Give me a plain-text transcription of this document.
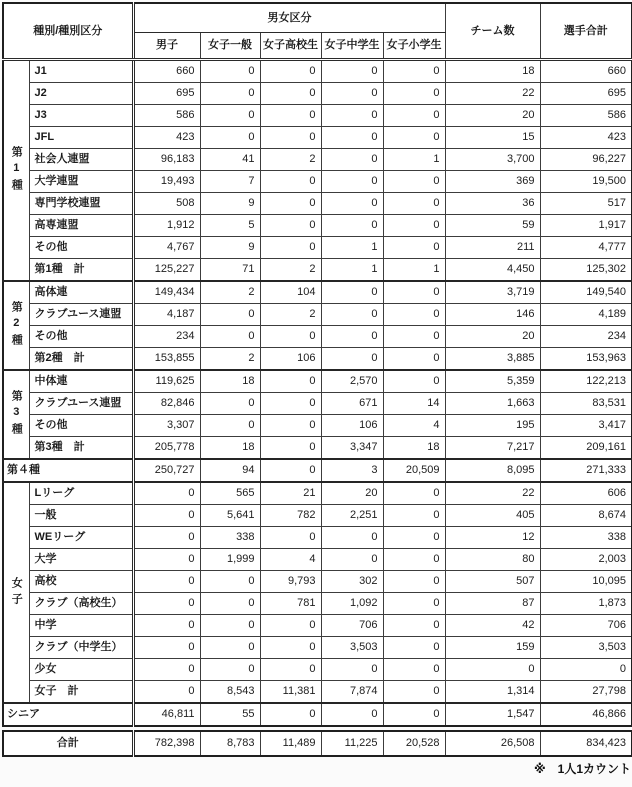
種別/種別区分		男女区分					チーム数	選手合計
		男子	女子一般	女子高校生	女子中学生	女子小学生		
第1種	J1	660	0	0	0	0	18	660
	J2	695	0	0	0	0	22	695
	J3	586	0	0	0	0	20	586
	JFL	423	0	0	0	0	15	423
	社会人連盟	96,183	41	2	0	1	3,700	96,227
	大学連盟	19,493	7	0	0	0	369	19,500
	専門学校連盟	508	9	0	0	0	36	517
	高専連盟	1,912	5	0	0	0	59	1,917
	その他	4,767	9	0	1	0	211	4,777
	第1種　計	125,227	71	2	1	1	4,450	125,302
第2種	高体連	149,434	2	104	0	0	3,719	149,540
	クラブユース連盟	4,187	0	2	0	0	146	4,189
	その他	234	0	0	0	0	20	234
	第2種　計	153,855	2	106	0	0	3,885	153,963
第3種	中体連	119,625	18	0	2,570	0	5,359	122,213
	クラブユース連盟	82,846	0	0	671	14	1,663	83,531
	その他	3,307	0	0	106	4	195	3,417
	第3種　計	205,778	18	0	3,347	18	7,217	209,161
第４種		250,727	94	0	3	20,509	8,095	271,333
女子	Lリーグ	0	565	21	20	0	22	606
	一般	0	5,641	782	2,251	0	405	8,674
	WEリーグ	0	338	0	0	0	12	338
	大学	0	1,999	4	0	0	80	2,003
	高校	0	0	9,793	302	0	507	10,095
	クラブ（高校生）	0	0	781	1,092	0	87	1,873
	中学	0	0	0	706	0	42	706
	クラブ（中学生）	0	0	0	3,503	0	159	3,503
	少女	0	0	0	0	0	0	0
	女子　計	0	8,543	11,381	7,874	0	1,314	27,798
シニア		46,811	55	0	0	0	1,547	46,866
合計	782,398	8,783	11,489	11,225	20,528	26,508	834,423
※　1人1カウント
